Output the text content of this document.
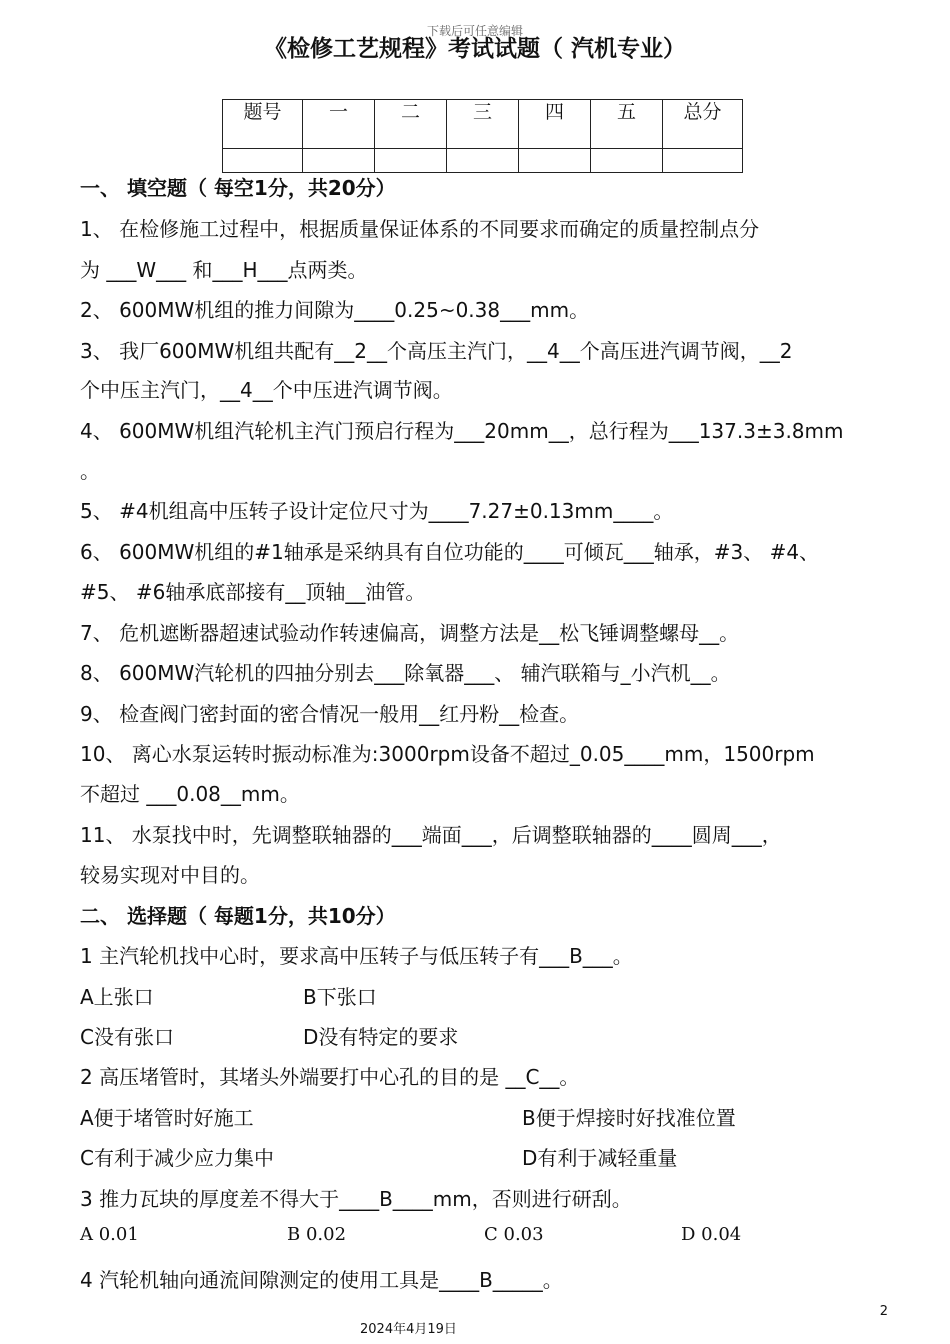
下载后可任意编辑
《检修工艺规程》考试试题（ 汽机专业）
题号	一	二	三	四	五	总分

一、 填空题（ 每空1分，共20分）
1、 在检修施工过程中，根据质量保证体系的不同要求而确定的质量控制点分
为 ___W___ 和___H___点两类。
2、 600MW机组的推力间隙为____0.25~0.38___mm。
3、 我厂600MW机组共配有__2__个高压主汽门，__4__个高压进汽调节阀，__2
个中压主汽门，__4__个中压进汽调节阀。
4、 600MW机组汽轮机主汽门预启行程为___20mm__，总行程为___137.3±3.8mm
。
5、 #4机组高中压转子设计定位尺寸为____7.27±0.13mm____。
6、 600MW机组的#1轴承是采纳具有自位功能的____可倾瓦___轴承，#3、 #4、
#5、 #6轴承底部接有__顶轴__油管。
7、 危机遮断器超速试验动作转速偏高，调整方法是__松飞锤调整螺母__。
8、 600MW汽轮机的四抽分别去___除氧器___、 辅汽联箱与_小汽机__。
9、 检查阀门密封面的密合情况一般用__红丹粉__检查。
10、 离心水泵运转时振动标准为:3000rpm设备不超过_0.05____mm，1500rpm
不超过 ___0.08__mm。
11、 水泵找中时，先调整联轴器的___端面___，后调整联轴器的____圆周___，
较易实现对中目的。
二、 选择题（ 每题1分，共10分）
1 主汽轮机找中心时，要求高中压转子与低压转子有___B___。
A上张口	B下张口
C没有张口	D没有特定的要求
2 高压堵管时，其堵头外端要打中心孔的目的是 __C__。
A便于堵管时好施工	B便于焊接时好找准位置
C有利于减少应力集中	D有利于减轻重量
3 推力瓦块的厚度差不得大于____B____mm，否则进行研刮。
A 0.01	B 0.02	C 0.03	D 0.04
4 汽轮机轴向通流间隙测定的使用工具是____B_____。
2
2024年4月19日
